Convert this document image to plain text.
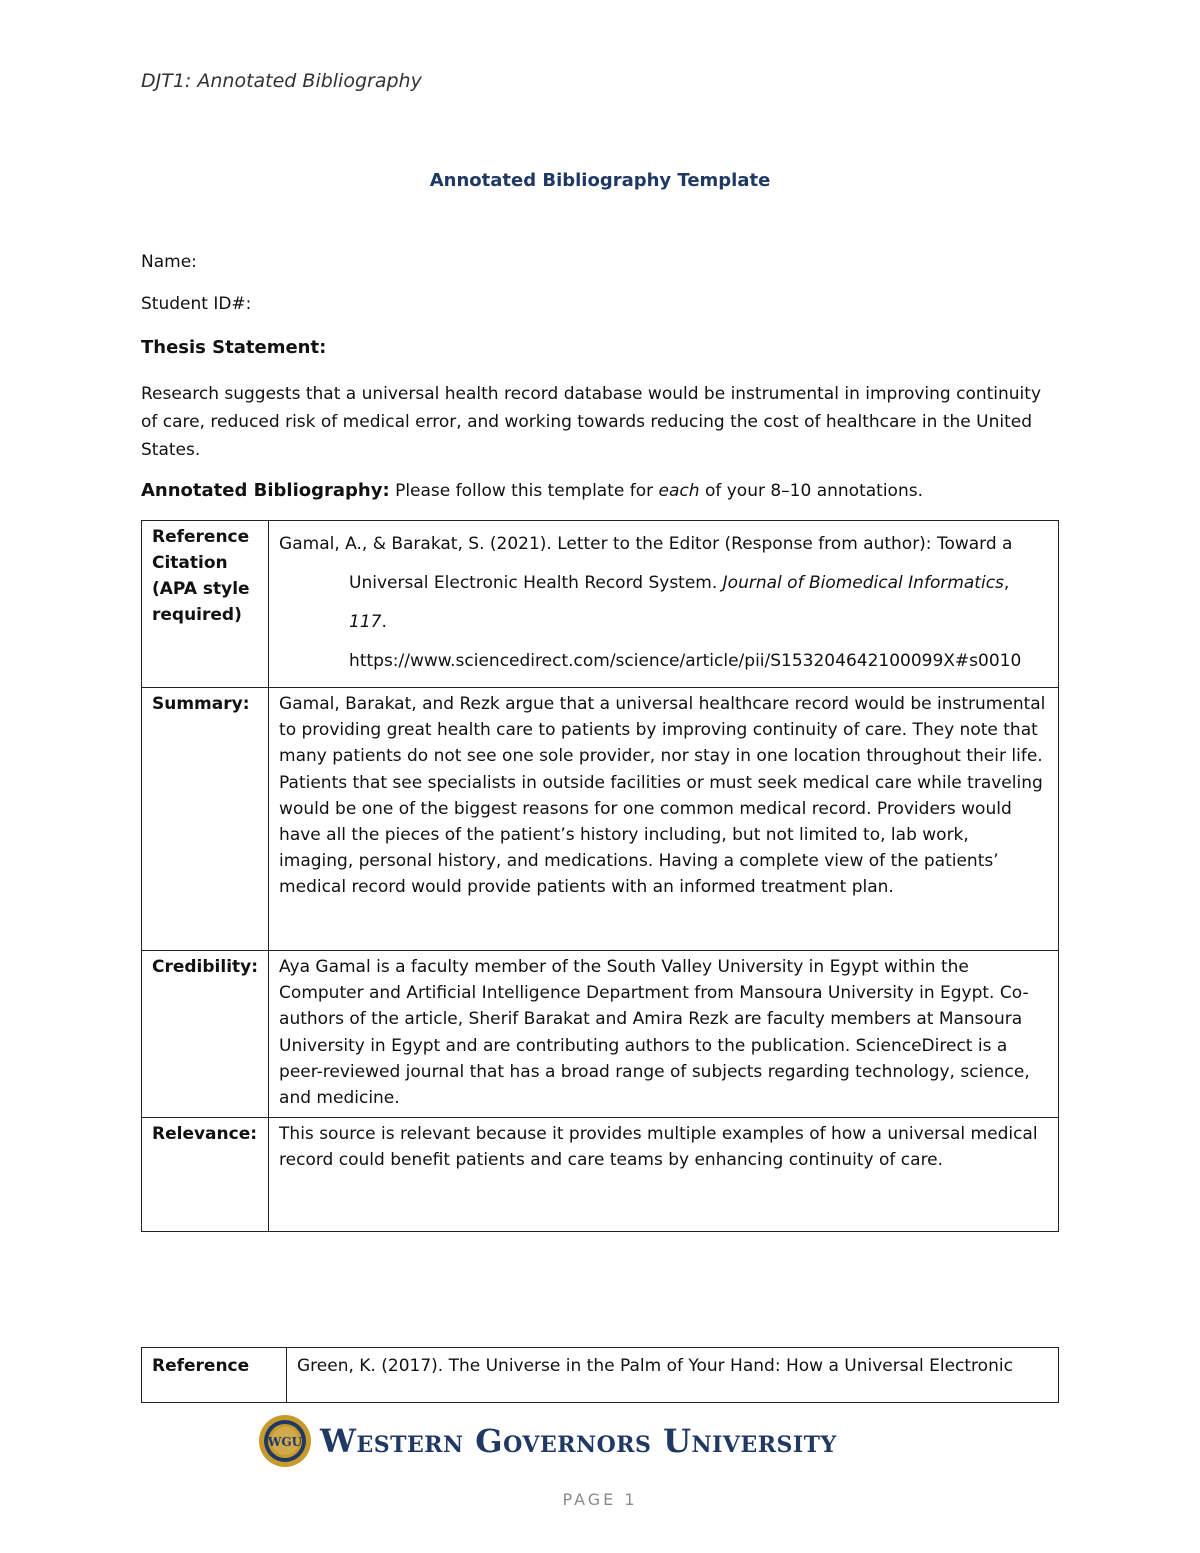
DJT1: Annotated Bibliography
Annotated Bibliography Template
Name:
Student ID#:
Thesis Statement:
Research suggests that a universal health record database would be instrumental in improving continuity of care, reduced risk of medical error, and working towards reducing the cost of healthcare in the United States.
Annotated Bibliography: Please follow this template for each of your 8–10 annotations.
Reference Citation (APA style required)	Gamal, A., & Barakat, S. (2021). Letter to the Editor (Response from author): Toward a
Universal Electronic Health Record System. Journal of Biomedical Informatics,
117.
https://www.sciencedirect.com/science/article/pii/S153204642100099X#s0010

Summary:	Gamal, Barakat, and Rezk argue that a universal healthcare record would be instrumental to providing great health care to patients by improving continuity of care. They note that many patients do not see one sole provider, nor stay in one location throughout their life. Patients that see specialists in outside facilities or must seek medical care while traveling would be one of the biggest reasons for one common medical record. Providers would have all the pieces of the patient’s history including, but not limited to, lab work, imaging, personal history, and medications. Having a complete view of the patients’ medical record would provide patients with an informed treatment plan.
Credibility:	Aya Gamal is a faculty member of the South Valley University in Egypt within the Computer and Artificial Intelligence Department from Mansoura University in Egypt. Co-authors of the article, Sherif Barakat and Amira Rezk are faculty members at Mansoura University in Egypt and are contributing authors to the publication. ScienceDirect is a peer-reviewed journal that has a broad range of subjects regarding technology, science, and medicine.
Relevance:	This source is relevant because it provides multiple examples of how a universal medical record could benefit patients and care teams by enhancing continuity of care.
Reference	Green, K. (2017). The Universe in the Palm of Your Hand: How a Universal Electronic
WGU Western Governors University
PAGE 1
